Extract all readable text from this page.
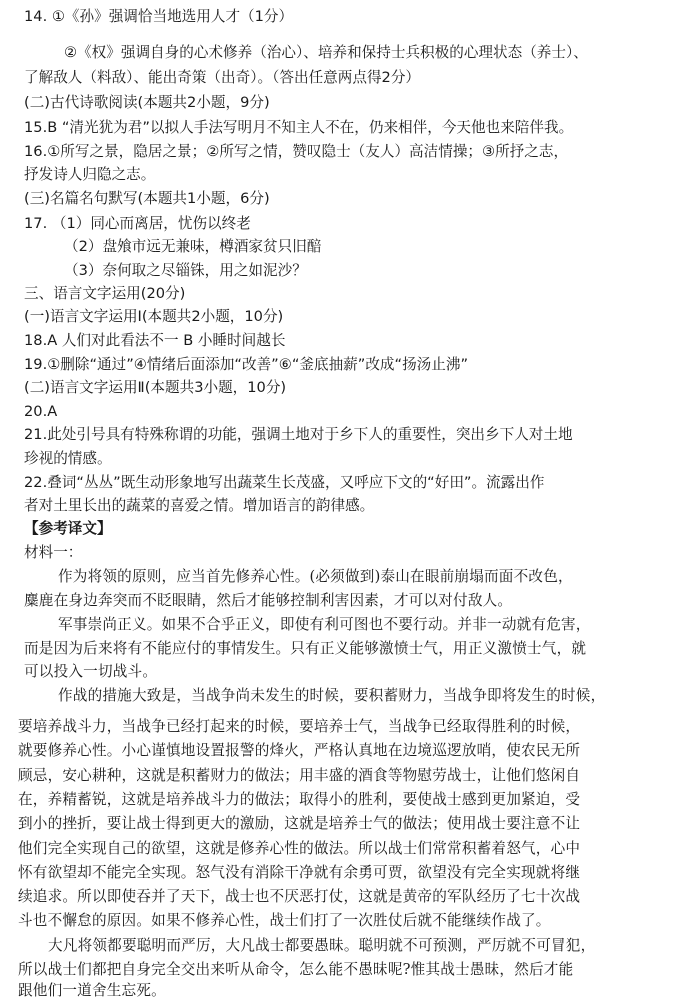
14. ①《孙》强调恰当地选用人才（1分）
②《权》强调自身的心术修养（治心）、培养和保持士兵积极的心理状态（养士）、
了解敌人（料敌）、能出奇策（出奇）。（答出任意两点得2分）
(二)古代诗歌阅读(本题共2小题，9分)
15.B “清光犹为君”以拟人手法写明月不知主人不在，仍来相伴，今天他也来陪伴我。
16.①所写之景，隐居之景；②所写之情，赞叹隐士（友人）高洁情操；③所抒之志，
抒发诗人归隐之志。
(三)名篇名句默写(本题共1小题，6分)
17. （1）同心而离居，忧伤以终老
（2）盘飧市远无兼味，樽酒家贫只旧醅
（3）奈何取之尽锱铢，用之如泥沙？
三、语言文字运用(20分)
(一)语言文字运用Ⅰ(本题共2小题，10分)
18.A 人们对此看法不一 B 小睡时间越长
19.①删除“通过”④情绪后面添加“改善”⑥“釜底抽薪”改成“扬汤止沸”
(二)语言文字运用Ⅱ(本题共3小题，10分)
20.A
21.此处引号具有特殊称谓的功能，强调土地对于乡下人的重要性，突出乡下人对土地
珍视的情感。
22.叠词“丛丛”既生动形象地写出蔬菜生长茂盛，又呼应下文的“好田”。流露出作
者对土里长出的蔬菜的喜爱之情。增加语言的韵律感。
【参考译文】
材料一：
作为将领的原则，应当首先修养心性。(必须做到)泰山在眼前崩塌而面不改色，
麋鹿在身边奔突而不眨眼睛，然后才能够控制利害因素，才可以对付敌人。
军事崇尚正义。如果不合乎正义，即使有利可图也不要行动。并非一动就有危害，
而是因为后来将有不能应付的事情发生。只有正义能够激愤士气，用正义激愤士气，就
可以投入一切战斗。
作战的措施大致是，当战争尚未发生的时候，要积蓄财力，当战争即将发生的时候，
要培养战斗力，当战争已经打起来的时候，要培养士气，当战争已经取得胜利的时候，
就要修养心性。小心谨慎地设置报警的烽火，严格认真地在边境巡逻放哨，使农民无所
顾忌，安心耕种，这就是积蓄财力的做法；用丰盛的酒食等物慰劳战士，让他们悠闲自
在，养精蓄锐，这就是培养战斗力的做法；取得小的胜利，要使战士感到更加紧迫，受
到小的挫折，要让战士得到更大的激励，这就是培养士气的做法；使用战士要注意不让
他们完全实现自己的欲望，这就是修养心性的做法。所以战士们常常积蓄着怒气，心中
怀有欲望却不能完全实现。怒气没有消除干净就有余勇可贾，欲望没有完全实现就将继
续追求。所以即使吞并了天下，战士也不厌恶打仗，这就是黄帝的军队经历了七十次战
斗也不懈怠的原因。如果不修养心性，战士们打了一次胜仗后就不能继续作战了。
大凡将领都要聪明而严厉，大凡战士都要愚昧。聪明就不可预测，严厉就不可冒犯，
所以战士们都把自身完全交出来听从命令，怎么能不愚昧呢?惟其战士愚昧，然后才能
跟他们一道舍生忘死。
